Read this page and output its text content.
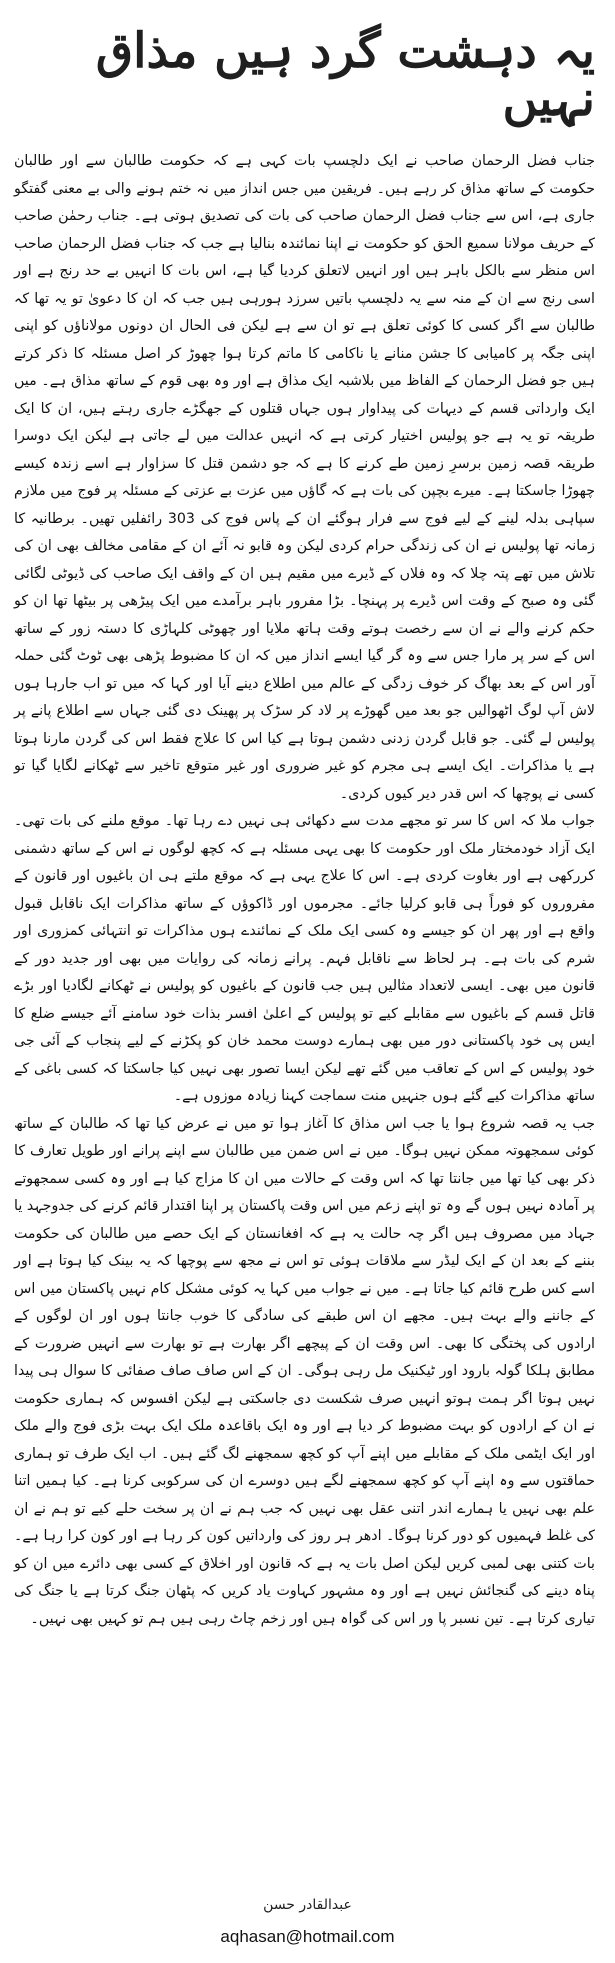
یہ دہشت گرد ہیں مذاق نہیں

جناب فضل الرحمان صاحب نے ایک دلچسپ بات کہی ہے کہ حکومت طالبان سے اور طالبان حکومت کے ساتھ مذاق کر رہے ہیں۔ فریقین میں جس انداز میں نہ ختم ہونے والی بے معنی گفتگو جاری ہے، اس سے جناب فضل الرحمان صاحب کی بات کی تصدیق ہوتی ہے۔ جناب رحمٰن صاحب کے حریف مولانا سمیع الحق کو حکومت نے اپنا نمائندہ بنالیا ہے جب کہ جناب فضل الرحمان صاحب اس منظر سے بالکل باہر ہیں اور انہیں لاتعلق کردیا گیا ہے، اس بات کا انہیں بے حد رنج ہے اور اسی رنج سے ان کے منہ سے یہ دلچسپ باتیں سرزد ہورہی ہیں جب کہ ان کا دعویٰ تو یہ تھا کہ طالبان سے اگر کسی کا کوئی تعلق ہے تو ان سے ہے لیکن فی الحال ان دونوں مولاناؤں کو اپنی اپنی جگہ پر کامیابی کا جشن منانے یا ناکامی کا ماتم کرتا ہوا چھوڑ کر اصل مسئلہ کا ذکر کرتے ہیں جو فضل الرحمان کے الفاظ میں بلاشبہ ایک مذاق ہے اور وہ بھی قوم کے ساتھ مذاق ہے۔ میں ایک وارداتی قسم کے دیہات کی پیداوار ہوں جہاں قتلوں کے جھگڑے جاری رہتے ہیں، ان کا ایک طریقہ تو یہ ہے جو پولیس اختیار کرتی ہے کہ انہیں عدالت میں لے جاتی ہے لیکن ایک دوسرا طریقہ قصہ زمین برسرِ زمین طے کرنے کا ہے کہ جو دشمن قتل کا سزاوار ہے اسے زندہ کیسے چھوڑا جاسکتا ہے۔ میرے بچپن کی بات ہے کہ گاؤں میں عزت بے عزتی کے مسئلہ پر فوج میں ملازم سپاہی بدلہ لینے کے لیے فوج سے فرار ہوگئے ان کے پاس فوج کی 303 رائفلیں تھیں۔ برطانیہ کا زمانہ تھا پولیس نے ان کی زندگی حرام کردی لیکن وہ قابو نہ آئے ان کے مقامی مخالف بھی ان کی تلاش میں تھے پتہ چلا کہ وہ فلاں کے ڈیرے میں مقیم ہیں ان کے واقف ایک صاحب کی ڈیوٹی لگائی گئی وہ صبح کے وقت اس ڈیرے پر پہنچا۔ بڑا مفرور باہر برآمدے میں ایک پیڑھی پر بیٹھا تھا ان کو حکم کرنے والے نے ان سے رخصت ہوتے وقت ہاتھ ملایا اور چھوٹی کلہاڑی کا دستہ زور کے ساتھ اس کے سر پر مارا جس سے وہ گر گیا ایسے انداز میں کہ ان کا مضبوط پڑھی بھی ٹوٹ گئی حملہ آور اس کے بعد بھاگ کر خوف زدگی کے عالم میں اطلاع دینے آیا اور کہا کہ میں تو اب جارہا ہوں لاش آپ لوگ اٹھوالیں جو بعد میں گھوڑے پر لاد کر سڑک پر پھینک دی گئی جہاں سے اطلاع پانے پر پولیس لے گئی۔ جو قابل گردن زدنی دشمن ہوتا ہے کیا اس کا علاج فقط اس کی گردن مارنا ہوتا ہے یا مذاکرات۔ ایک ایسے ہی مجرم کو غیر ضروری اور غیر متوقع تاخیر سے ٹھکانے لگایا گیا تو کسی نے پوچھا کہ اس قدر دیر کیوں کردی۔

جواب ملا کہ اس کا سر تو مجھے مدت سے دکھائی ہی نہیں دے رہا تھا۔ موقع ملنے کی بات تھی۔ ایک آزاد خودمختار ملک اور حکومت کا بھی یہی مسئلہ ہے کہ کچھ لوگوں نے اس کے ساتھ دشمنی کررکھی ہے اور بغاوت کردی ہے۔ اس کا علاج یہی ہے کہ موقع ملتے ہی ان باغیوں اور قانون کے مفروروں کو فوراً ہی قابو کرلیا جائے۔ مجرموں اور ڈاکوؤں کے ساتھ مذاکرات ایک ناقابل قبول واقع ہے اور پھر ان کو جیسے وہ کسی ایک ملک کے نمائندے ہوں مذاکرات تو انتہائی کمزوری اور شرم کی بات ہے۔ ہر لحاظ سے ناقابل فہم۔ پرانے زمانہ کی روایات میں بھی اور جدید دور کے قانون میں بھی۔ ایسی لاتعداد مثالیں ہیں جب قانون کے باغیوں کو پولیس نے ٹھکانے لگادیا اور بڑے قاتل قسم کے باغیوں سے مقابلے کیے تو پولیس کے اعلیٰ افسر بذات خود سامنے آئے جیسے ضلع کا ایس پی خود پاکستانی دور میں بھی ہمارے دوست محمد خان کو پکڑنے کے لیے پنجاب کے آئی جی خود پولیس کے اس کے تعاقب میں گئے تھے لیکن ایسا تصور بھی نہیں کیا جاسکتا کہ کسی باغی کے ساتھ مذاکرات کیے گئے ہوں جنہیں منت سماجت کہنا زیادہ موزوں ہے۔

جب یہ قصہ شروع ہوا یا جب اس مذاق کا آغاز ہوا تو میں نے عرض کیا تھا کہ طالبان کے ساتھ کوئی سمجھوتہ ممکن نہیں ہوگا۔ میں نے اس ضمن میں طالبان سے اپنے پرانے اور طویل تعارف کا ذکر بھی کیا تھا میں جانتا تھا کہ اس وقت کے حالات میں ان کا مزاج کیا ہے اور وہ کسی سمجھوتے پر آمادہ نہیں ہوں گے وہ تو اپنے زعم میں اس وقت پاکستان پر اپنا اقتدار قائم کرنے کی جدوجہد یا جہاد میں مصروف ہیں اگر چہ حالت یہ ہے کہ افغانستان کے ایک حصے میں طالبان کی حکومت بننے کے بعد ان کے ایک لیڈر سے ملاقات ہوئی تو اس نے مجھ سے پوچھا کہ یہ بینک کیا ہوتا ہے اور اسے کس طرح قائم کیا جاتا ہے۔ میں نے جواب میں کہا یہ کوئی مشکل کام نہیں پاکستان میں اس کے جاننے والے بہت ہیں۔ مجھے ان اس طبقے کی سادگی کا خوب جانتا ہوں اور ان لوگوں کے ارادوں کی پختگی کا بھی۔ اس وقت ان کے پیچھے اگر بھارت ہے تو بھارت سے انہیں ضرورت کے مطابق ہلکا گولہ بارود اور ٹیکنیک مل رہی ہوگی۔ ان کے اس صاف صاف صفائی کا سوال ہی پیدا نہیں ہوتا اگر ہمت ہوتو انہیں صرف شکست دی جاسکتی ہے لیکن افسوس کہ ہماری حکومت نے ان کے ارادوں کو بہت مضبوط کر دیا ہے اور وہ ایک باقاعدہ ملک ایک بہت بڑی فوج والے ملک اور ایک ایٹمی ملک کے مقابلے میں اپنے آپ کو کچھ سمجھنے لگ گئے ہیں۔ اب ایک طرف تو ہماری حماقتوں سے وہ اپنے آپ کو کچھ سمجھنے لگے ہیں دوسرے ان کی سرکوبی کرنا ہے۔ کیا ہمیں اتنا علم بھی نہیں یا ہمارے اندر اتنی عقل بھی نہیں کہ جب ہم نے ان پر سخت حلے کیے تو ہم نے ان کی غلط فہمیوں کو دور کرنا ہوگا۔ ادھر ہر روز کی وارداتیں کون کر رہا ہے اور کون کرا رہا ہے۔ بات کتنی بھی لمبی کریں لیکن اصل بات یہ ہے کہ قانون اور اخلاق کے کسی بھی دائرے میں ان کو پناہ دینے کی گنجائش نہیں ہے اور وہ مشہور کہاوت یاد کریں کہ پٹھان جنگ کرتا ہے یا جنگ کی تیاری کرتا ہے۔ تین نسبر پا ور اس کی گواہ ہیں اور زخم چاٹ رہی ہیں ہم تو کہیں بھی نہیں۔

عبدالقادر حسن
aqhasan@hotmail.com
